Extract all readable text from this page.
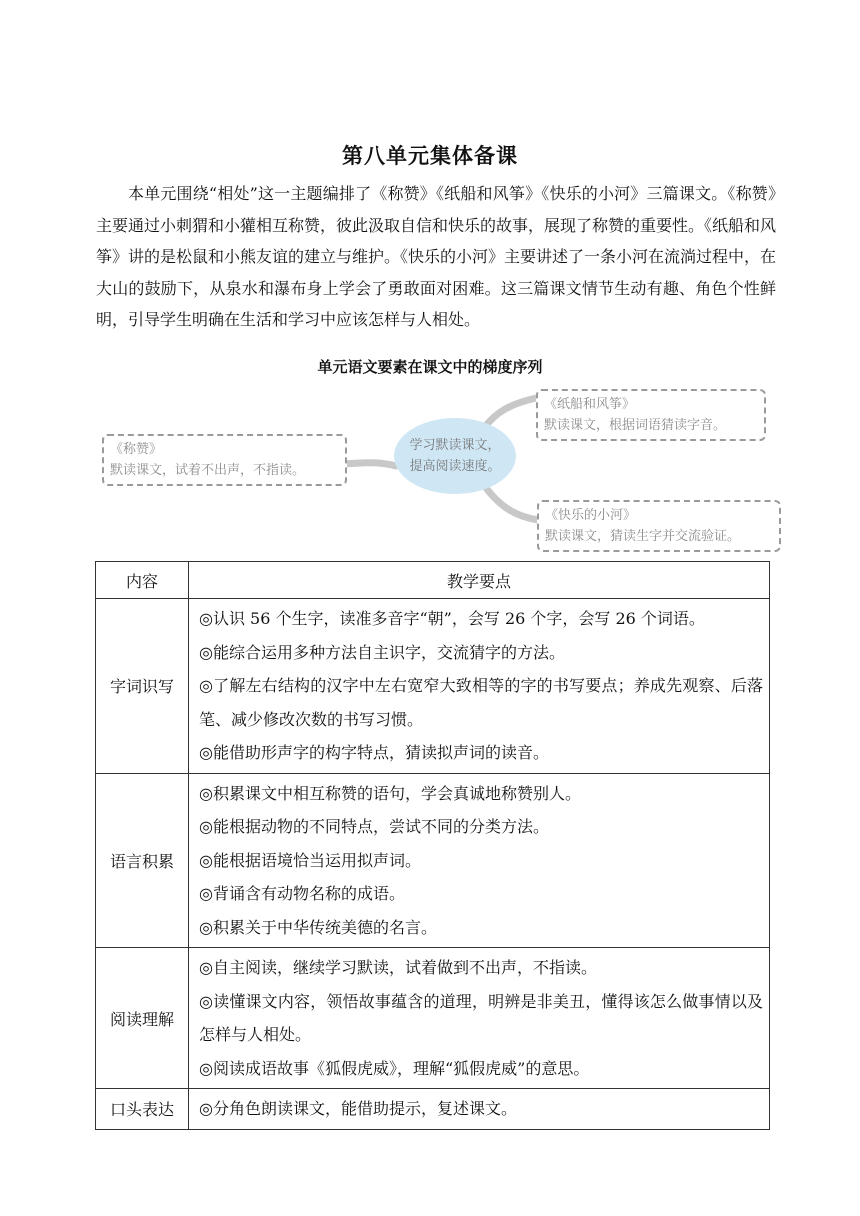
第八单元集体备课

本单元围绕“相处”这一主题编排了《称赞》《纸船和风筝》《快乐的小河》三篇课文。《称赞》主要通过小刺猬和小獾相互称赞，彼此汲取自信和快乐的故事，展现了称赞的重要性。《纸船和风筝》讲的是松鼠和小熊友谊的建立与维护。《快乐的小河》主要讲述了一条小河在流淌过程中，在大山的鼓励下，从泉水和瀑布身上学会了勇敢面对困难。这三篇课文情节生动有趣、角色个性鲜明，引导学生明确在生活和学习中应该怎样与人相处。

单元语文要素在课文中的梯度序列
《称赞》
默读课文，试着不出声，不指读。
学习默读课文，
提高阅读速度。
《纸船和风筝》
默读课文，根据词语猜读字音。
《快乐的小河》
默读课文，猜读生字并交流验证。
内容	教学要点
字词识写	◎认识 56 个生字，读准多音字“朝”，会写 26 个字，会写 26 个词语。
◎能综合运用多种方法自主识字，交流猜字的方法。
◎了解左右结构的汉字中左右宽窄大致相等的字的书写要点；养成先观察、后落笔、减少修改次数的书写习惯。
◎能借助形声字的构字特点，猜读拟声词的读音。

语言积累	◎积累课文中相互称赞的语句，学会真诚地称赞别人。
◎能根据动物的不同特点，尝试不同的分类方法。
◎能根据语境恰当运用拟声词。
◎背诵含有动物名称的成语。
◎积累关于中华传统美德的名言。

阅读理解	◎自主阅读，继续学习默读，试着做到不出声，不指读。
◎读懂课文内容，领悟故事蕴含的道理，明辨是非美丑，懂得该怎么做事情以及怎样与人相处。
◎阅读成语故事《狐假虎威》，理解“狐假虎威”的意思。

口头表达	◎分角色朗读课文，能借助提示，复述课文。
